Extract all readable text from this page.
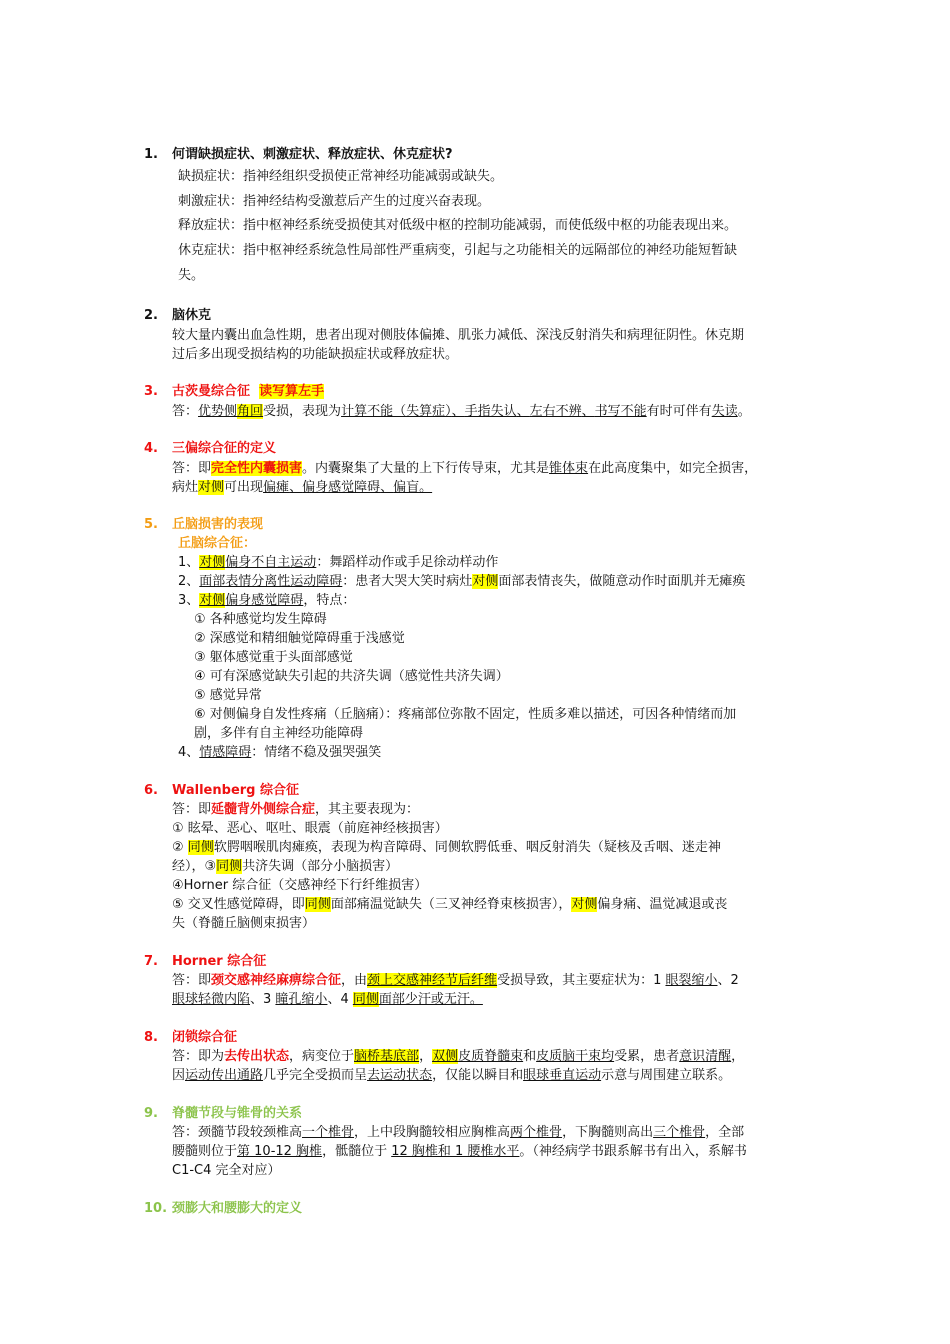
1. 何谓缺损症状、刺激症状、释放症状、休克症状?
缺损症状：指神经组织受损使正常神经功能减弱或缺失。
刺激症状：指神经结构受激惹后产生的过度兴奋表现。
释放症状：指中枢神经系统受损使其对低级中枢的控制功能减弱，而使低级中枢的功能表现出来。
休克症状：指中枢神经系统急性局部性严重病变，引起与之功能相关的远隔部位的神经功能短暂缺
失。
2. 脑休克
较大量内囊出血急性期，患者出现对侧肢体偏摊、肌张力减低、深浅反射消失和病理征阴性。休克期
过后多出现受损结构的功能缺损症状或释放症状。
3. 古茨曼综合征 读写算左手
答：优势侧角回受损，表现为计算不能（失算症）、手指失认、左右不辨、书写不能有时可伴有失读。
4. 三偏综合征的定义
答：即完全性内囊损害。内囊聚集了大量的上下行传导束，尤其是锥体束在此高度集中，如完全损害，
病灶对侧可出现偏瘫、偏身感觉障碍、偏盲。
5. 丘脑损害的表现
丘脑综合征：
1、对侧偏身不自主运动：舞蹈样动作或手足徐动样动作
2、面部表情分离性运动障碍：患者大哭大笑时病灶对侧面部表情丧失，做随意动作时面肌并无瘫痪
3、对侧偏身感觉障碍，特点：
① 各种感觉均发生障碍
② 深感觉和精细触觉障碍重于浅感觉
③ 躯体感觉重于头面部感觉
④ 可有深感觉缺失引起的共济失调（感觉性共济失调）
⑤ 感觉异常
⑥ 对侧偏身自发性疼痛（丘脑痛）：疼痛部位弥散不固定，性质多难以描述，可因各种情绪而加
剧，多伴有自主神经功能障碍
4、情感障碍：情绪不稳及强哭强笑
6. Wallenberg 综合征
答：即延髓背外侧综合症，其主要表现为：
① 眩晕、恶心、呕吐、眼震（前庭神经核损害）
② 同侧软腭咽喉肌肉瘫痪，表现为构音障碍、同侧软腭低垂、咽反射消失（疑核及舌咽、迷走神
经），③同侧共济失调（部分小脑损害）
④Horner 综合征（交感神经下行纤维损害）
⑤ 交叉性感觉障碍，即同侧面部痛温觉缺失（三叉神经脊束核损害），对侧偏身痛、温觉减退或丧
失（脊髓丘脑侧束损害）
7. Horner 综合征
答：即颈交感神经麻痹综合征，由颈上交感神经节后纤维受损导致，其主要症状为：1 眼裂缩小、2
眼球轻微内陷、3 瞳孔缩小、4 同侧面部少汗或无汗。
8. 闭锁综合征
答：即为去传出状态，病变位于脑桥基底部，双侧皮质脊髓束和皮质脑干束均受累，患者意识清醒，
因运动传出通路几乎完全受损而呈去运动状态，仅能以瞬目和眼球垂直运动示意与周围建立联系。
9. 脊髓节段与锥骨的关系
答：颈髓节段较颈椎高一个椎骨，上中段胸髓较相应胸椎高两个椎骨，下胸髓则高出三个椎骨，全部
腰髓则位于第 10-12 胸椎，骶髓位于 12 胸椎和 1 腰椎水平。（神经病学书跟系解书有出入，系解书
C1-C4 完全对应）
10. 颈膨大和腰膨大的定义
